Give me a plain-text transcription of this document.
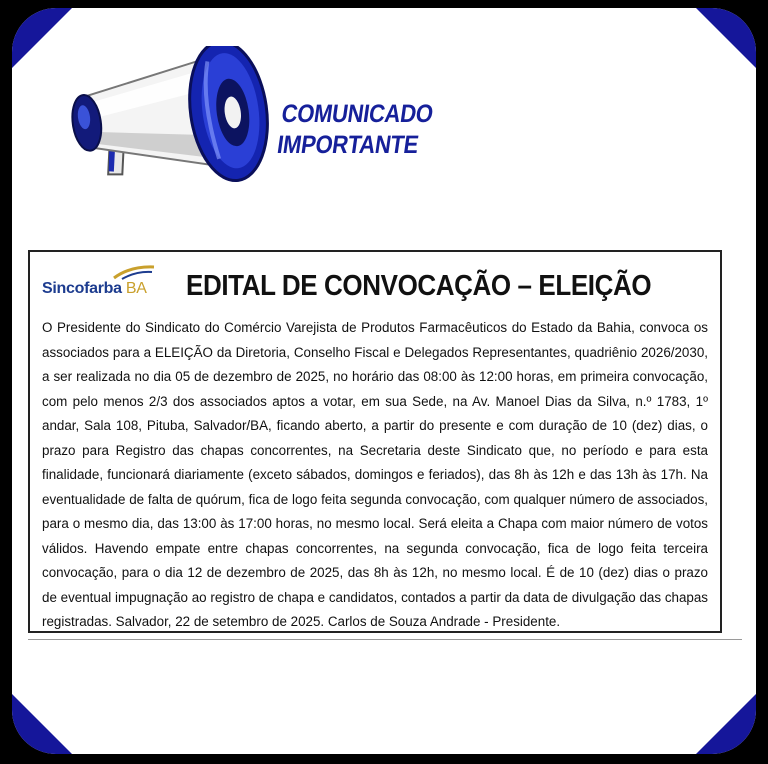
COMUNICADO
IMPORTANTE
Sincofarba BA EDITAL DE CONVOCAÇÃO – ELEIÇÃO

O Presidente do Sindicato do Comércio Varejista de Produtos Farmacêuticos do Estado da Bahia, convoca os associados para a ELEIÇÃO da Diretoria, Conselho Fiscal e Delegados Representantes, quadriênio 2026/2030, a ser realizada no dia 05 de dezembro de 2025, no horário das 08:00 às 12:00 horas, em primeira convocação, com pelo menos 2/3 dos associados aptos a votar, em sua Sede, na Av. Manoel Dias da Silva, n.º 1783, 1º andar, Sala 108, Pituba, Salvador/BA, ficando aberto, a partir do presente e com duração de 10 (dez) dias, o prazo para Registro das chapas concorrentes, na Secretaria deste Sindicato que, no período e para esta finalidade, funcionará diariamente (exceto sábados, domingos e feriados), das 8h às 12h e das 13h às 17h. Na eventualidade de falta de quórum, fica de logo feita segunda convocação, com qualquer número de associados, para o mesmo dia, das 13:00 às 17:00 horas, no mesmo local. Será eleita a Chapa com maior número de votos válidos. Havendo empate entre chapas concorrentes, na segunda convocação, fica de logo feita terceira convocação, para o dia 12 de dezembro de 2025, das 8h às 12h, no mesmo local. É de 10 (dez) dias o prazo de eventual impugnação ao registro de chapa e candidatos, contados a partir da data de divulgação das chapas registradas. Salvador, 22 de setembro de 2025. Carlos de Souza Andrade - Presidente.
